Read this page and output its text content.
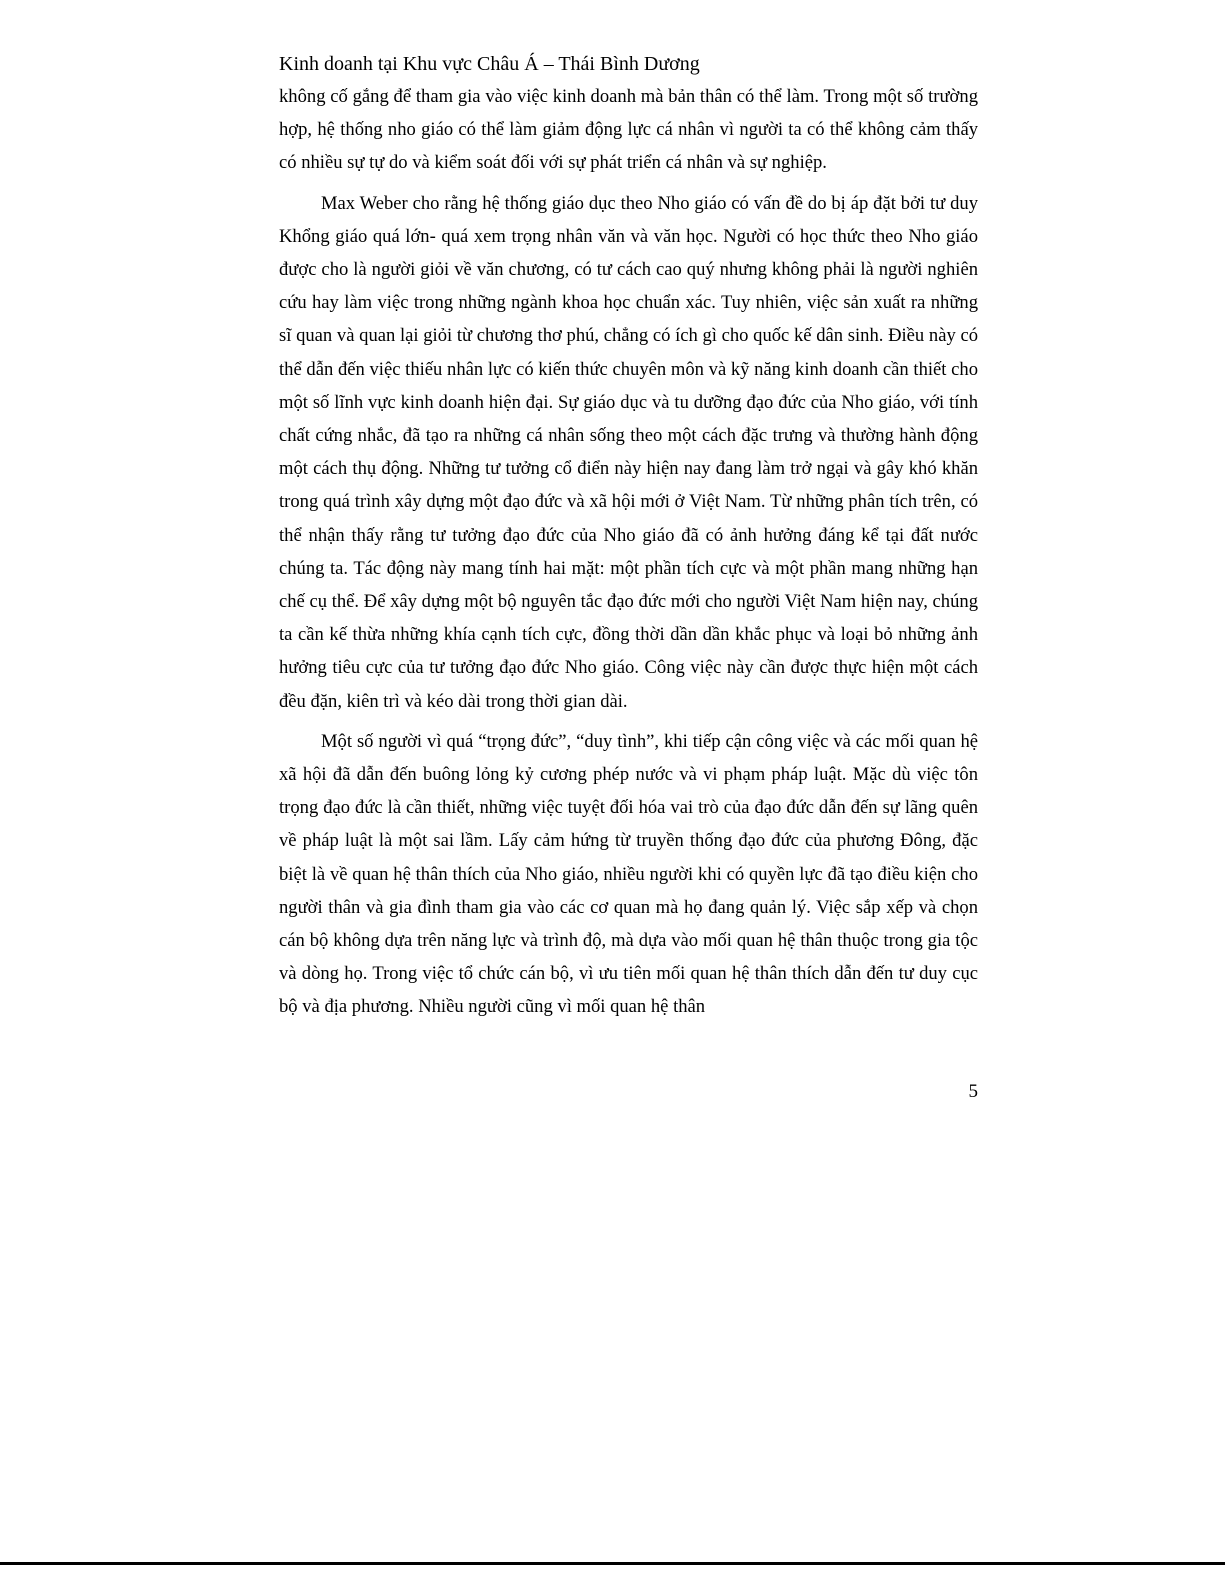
Kinh doanh tại Khu vực Châu Á – Thái Bình Dương

không cố gắng để tham gia vào việc kinh doanh mà bản thân có thể làm. Trong một số trường hợp, hệ thống nho giáo có thể làm giảm động lực cá nhân vì người ta có thể không cảm thấy có nhiều sự tự do và kiểm soát đối với sự phát triển cá nhân và sự nghiệp.

Max Weber cho rằng hệ thống giáo dục theo Nho giáo có vấn đề do bị áp đặt bởi tư duy Khổng giáo quá lớn- quá xem trọng nhân văn và văn học. Người có học thức theo Nho giáo được cho là người giỏi về văn chương, có tư cách cao quý nhưng không phải là người nghiên cứu hay làm việc trong những ngành khoa học chuẩn xác. Tuy nhiên, việc sản xuất ra những sĩ quan và quan lại giỏi từ chương thơ phú, chẳng có ích gì cho quốc kế dân sinh. Điều này có thể dẫn đến việc thiếu nhân lực có kiến thức chuyên môn và kỹ năng kinh doanh cần thiết cho một số lĩnh vực kinh doanh hiện đại. Sự giáo dục và tu dưỡng đạo đức của Nho giáo, với tính chất cứng nhắc, đã tạo ra những cá nhân sống theo một cách đặc trưng và thường hành động một cách thụ động. Những tư tưởng cổ điển này hiện nay đang làm trở ngại và gây khó khăn trong quá trình xây dựng một đạo đức và xã hội mới ở Việt Nam. Từ những phân tích trên, có thể nhận thấy rằng tư tưởng đạo đức của Nho giáo đã có ảnh hưởng đáng kể tại đất nước chúng ta. Tác động này mang tính hai mặt: một phần tích cực và một phần mang những hạn chế cụ thể. Để xây dựng một bộ nguyên tắc đạo đức mới cho người Việt Nam hiện nay, chúng ta cần kế thừa những khía cạnh tích cực, đồng thời dần dần khắc phục và loại bỏ những ảnh hưởng tiêu cực của tư tưởng đạo đức Nho giáo. Công việc này cần được thực hiện một cách đều đặn, kiên trì và kéo dài trong thời gian dài.

Một số người vì quá “trọng đức”, “duy tình”, khi tiếp cận công việc và các mối quan hệ xã hội đã dẫn đến buông lỏng kỷ cương phép nước và vi phạm pháp luật. Mặc dù việc tôn trọng đạo đức là cần thiết, những việc tuyệt đối hóa vai trò của đạo đức dẫn đến sự lãng quên về pháp luật là một sai lầm. Lấy cảm hứng từ truyền thống đạo đức của phương Đông, đặc biệt là về quan hệ thân thích của Nho giáo, nhiều người khi có quyền lực đã tạo điều kiện cho người thân và gia đình tham gia vào các cơ quan mà họ đang quản lý. Việc sắp xếp và chọn cán bộ không dựa trên năng lực và trình độ, mà dựa vào mối quan hệ thân thuộc trong gia tộc và dòng họ. Trong việc tổ chức cán bộ, vì ưu tiên mối quan hệ thân thích dẫn đến tư duy cục bộ và địa phương. Nhiều người cũng vì mối quan hệ thân

5
